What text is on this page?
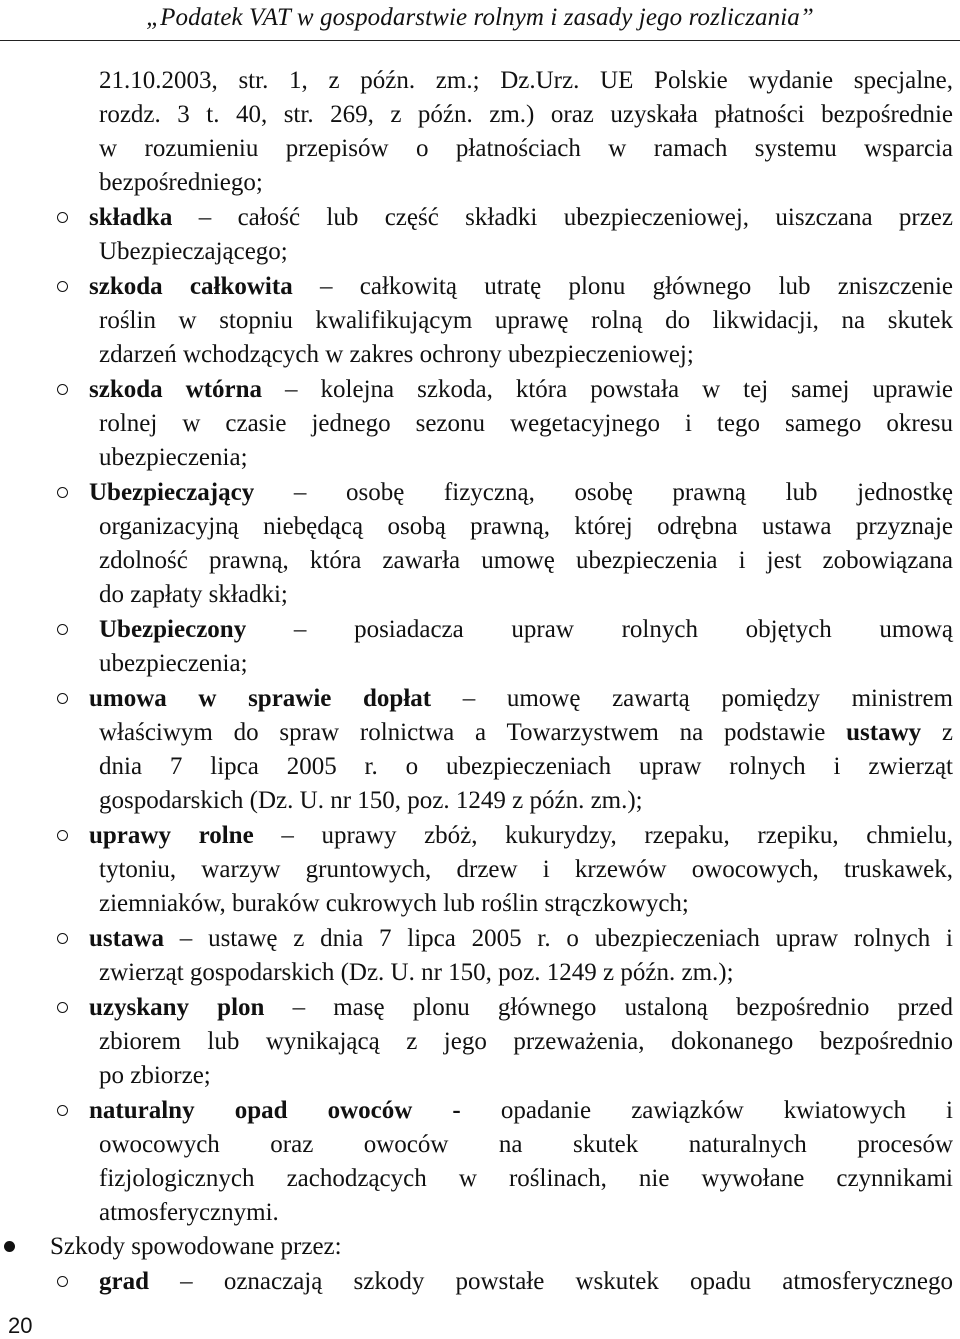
„Podatek VAT w gospodarstwie rolnym i zasady jego rozliczania”
21.10.2003, str. 1, z późn. zm.; Dz.Urz. UE Polskie wydanie specjalne,
rozdz. 3 t. 40, str. 269, z późn. zm.) oraz uzyskała płatności bezpośrednie
w rozumieniu przepisów o płatnościach w ramach systemu wsparcia
bezpośredniego;
składka – całość lub część składki ubezpieczeniowej, uiszczana przez
Ubezpieczającego;
szkoda całkowita – całkowitą utratę plonu głównego lub zniszczenie
roślin w stopniu kwalifikującym uprawę rolną do likwidacji, na skutek
zdarzeń wchodzących w zakres ochrony ubezpieczeniowej;
szkoda wtórna – kolejna szkoda, która powstała w tej samej uprawie
rolnej w czasie jednego sezonu wegetacyjnego i tego samego okresu
ubezpieczenia;
Ubezpieczający – osobę fizyczną, osobę prawną lub jednostkę
organizacyjną niebędącą osobą prawną, której odrębna ustawa przyznaje
zdolność prawną, która zawarła umowę ubezpieczenia i jest zobowiązana
do zapłaty składki;
Ubezpieczony – posiadacza upraw rolnych objętych umową
ubezpieczenia;
umowa w sprawie dopłat – umowę zawartą pomiędzy ministrem
właściwym do spraw rolnictwa a Towarzystwem na podstawie ustawy z
dnia 7 lipca 2005 r. o ubezpieczeniach upraw rolnych i zwierząt
gospodarskich (Dz. U. nr 150, poz. 1249 z późn. zm.);
uprawy rolne – uprawy zbóż, kukurydzy, rzepaku, rzepiku, chmielu,
tytoniu, warzyw gruntowych, drzew i krzewów owocowych, truskawek,
ziemniaków, buraków cukrowych lub roślin strączkowych;
ustawa – ustawę z dnia 7 lipca 2005 r. o ubezpieczeniach upraw rolnych i
zwierząt gospodarskich (Dz. U. nr 150, poz. 1249 z późn. zm.);
uzyskany plon – masę plonu głównego ustaloną bezpośrednio przed
zbiorem lub wynikającą z jego przeważenia, dokonanego bezpośrednio
po zbiorze;
naturalny opad owoców - opadanie zawiązków kwiatowych i
owocowych oraz owoców na skutek naturalnych procesów
fizjologicznych zachodzących w roślinach, nie wywołane czynnikami
atmosferycznymi.
Szkody spowodowane przez:
grad – oznaczają szkody powstałe wskutek opadu atmosferycznego
20
